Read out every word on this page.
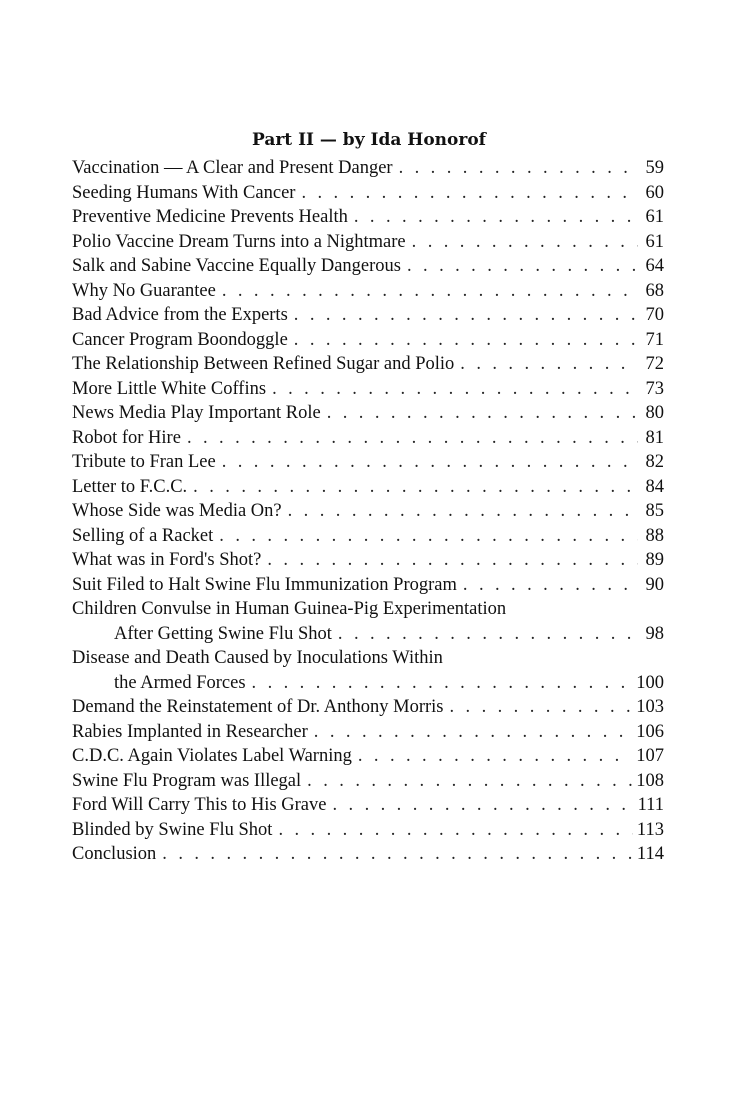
Part II — by Ida Honorof
Vaccination — A Clear and Present Danger . . .	59
Seeding Humans With Cancer . . .	60
Preventive Medicine Prevents Health . . .	61
Polio Vaccine Dream Turns into a Nightmare . . .	61
Salk and Sabine Vaccine Equally Dangerous . . .	64
Why No Guarantee . . .	68
Bad Advice from the Experts . . .	70
Cancer Program Boondoggle . . .	71
The Relationship Between Refined Sugar and Polio . . .	72
More Little White Coffins . . .	73
News Media Play Important Role . . .	80
Robot for Hire . . .	81
Tribute to Fran Lee . . .	82
Letter to F.C.C. . . .	84
Whose Side was Media On? . . .	85
Selling of a Racket . . .	88
What was in Ford's Shot? . . .	89
Suit Filed to Halt Swine Flu Immunization Program . . .	90
Children Convulse in Human Guinea-Pig Experimentation
After Getting Swine Flu Shot . . .	98
Disease and Death Caused by Inoculations Within
the Armed Forces . . .	100
Demand the Reinstatement of Dr. Anthony Morris . . .	103
Rabies Implanted in Researcher . . .	106
C.D.C. Again Violates Label Warning . . .	107
Swine Flu Program was Illegal . . .	108
Ford Will Carry This to His Grave . . .	111
Blinded by Swine Flu Shot . . .	113
Conclusion . . .	114
